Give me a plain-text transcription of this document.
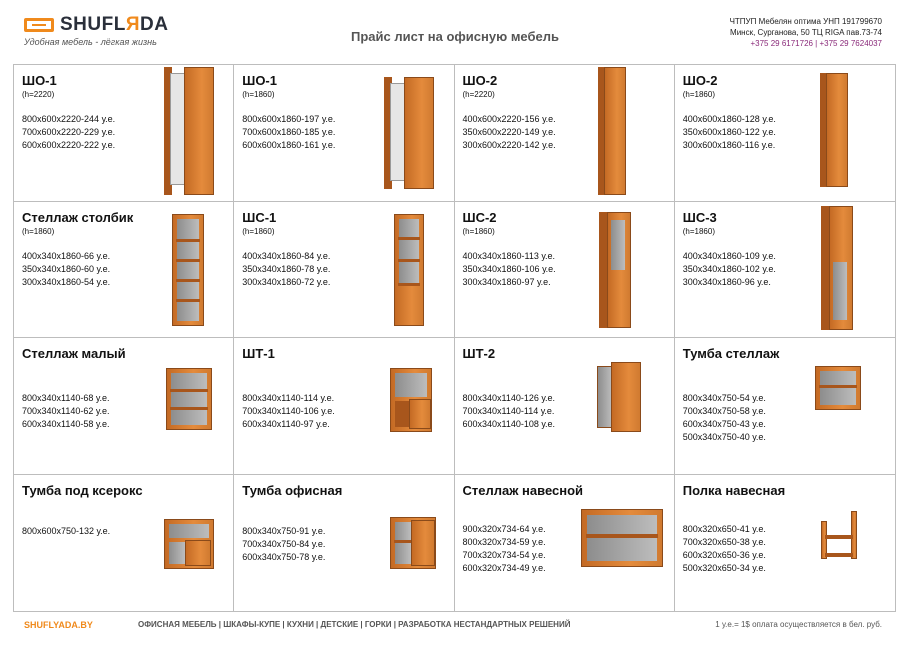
SHUFLЯDA
Удобная мебель - лёгкая жизнь	Прайс лист на офисную мебель
ЧТПУП Мебелян оптима УНП 191799670
Минск, Сурганова, 50 ТЦ RIGA пав.73-74
+375 29 6171726 | +375 29 7624037
ШО-1
(h=2220)
800x600x2220-244 у.е.
700x600x2220-229 у.е.
600x600x2220-222 у.е.
ШО-1
(h=1860)
800x600x1860-197 у.е.
700x600x1860-185 у.е.
600x600x1860-161 у.е.
ШО-2
(h=2220)
400x600x2220-156 у.е.
350x600x2220-149 у.е.
300x600x2220-142 у.е.
ШО-2
(h=1860)
400x600x1860-128 у.е.
350x600x1860-122 у.е.
300x600x1860-116 у.е.
Стеллаж столбик
(h=1860)
400x340x1860-66 у.е.
350x340x1860-60 у.е.
300x340x1860-54 у.е.
ШС-1
(h=1860)
400x340x1860-84 у.е.
350x340x1860-78 у.е.
300x340x1860-72 у.е.
ШС-2
(h=1860)
400x340x1860-113 у.е.
350x340x1860-106 у.е.
300x340x1860-97 у.е.
ШС-3
(h=1860)
400x340x1860-109 у.е.
350x340x1860-102 у.е.
300x340x1860-96 у.е.
Стеллаж малый
800x340x1140-68 у.е.
700x340x1140-62 у.е.
600x340x1140-58 у.е.
ШТ-1
800x340x1140-114 у.е.
700x340x1140-106 у.е.
600x340x1140-97 у.е.
ШТ-2
800x340x1140-126 у.е.
700x340x1140-114 у.е.
600x340x1140-108 у.е.
Тумба стеллаж
800x340x750-54 у.е.
700x340x750-58 у.е.
600x340x750-43 у.е.
500x340x750-40 у.е.
Тумба под ксерокс
800x600x750-132 у.е.
Тумба офисная
800x340x750-91 у.е.
700x340x750-84 у.е.
600x340x750-78 у.е.
Стеллаж навесной
900x320x734-64 у.е.
800x320x734-59 у.е.
700x320x734-54 у.е.
600x320x734-49 у.е.
Полка навесная
800x320x650-41 у.е.
700x320x650-38 у.е.
600x320x650-36 у.е.
500x320x650-34 у.е.
SHUFLYADA.BY	ОФИСНАЯ МЕБЕЛЬ | ШКАФЫ-КУПЕ | КУХНИ | ДЕТСКИЕ | ГОРКИ | РАЗРАБОТКА НЕСТАНДАРТНЫХ РЕШЕНИЙ	1 у.е.= 1$ оплата осуществляется в бел. руб.
